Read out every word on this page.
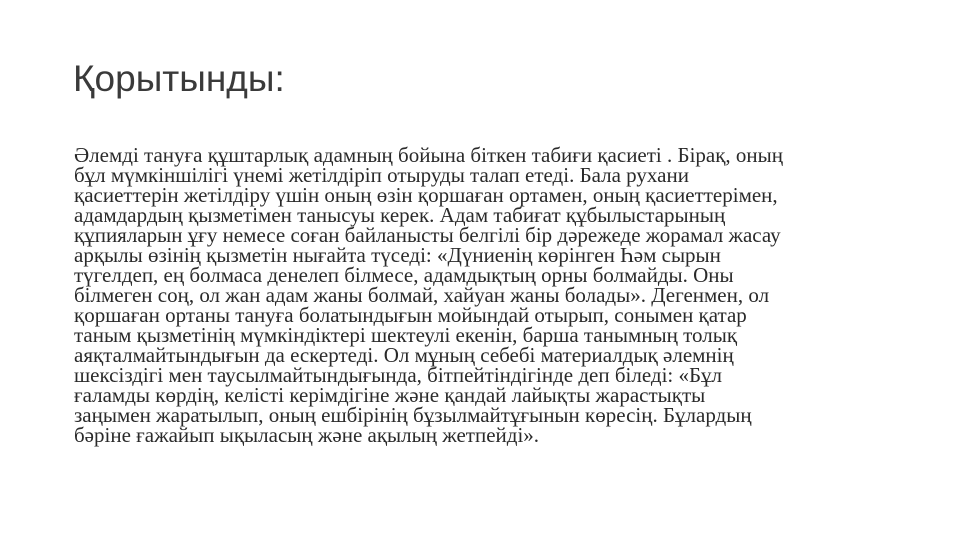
Қорытынды:
Әлемді тануға құштарлық адамның бойына біткен табиғи қасиеті . Бірақ, оның
бұл мүмкіншілігі үнемі жетілдіріп отыруды талап етеді. Бала рухани
қасиеттерін жетілдіру үшін оның өзін қоршаған ортамен, оның қасиеттерімен,
адамдардың қызметімен танысуы керек. Адам табиғат құбылыстарының
құпияларын ұғу немесе соған байланысты белгілі бір дәрежеде жорамал жасау
арқылы өзінің қызметін нығайта түседі: «Дүниенің көрінген Һәм сырын
түгелдеп, ең болмаса денелеп білмесе, адамдықтың орны болмайды. Оны
білмеген соң, ол жан адам жаны болмай, хайуан жаны болады». Дегенмен, ол
қоршаған ортаны тануға болатындығын мойындай отырып, сонымен қатар
таным қызметінің мүмкіндіктері шектеулі екенін, барша танымның толық
аяқталмайтындығын да ескертеді. Ол мұның себебі материалдық әлемнің
шексіздігі мен таусылмайтындығында, бітпейтіндігінде деп біледі: «Бұл
ғаламды көрдің, келісті керімдігіне және қандай лайықты жарастықты
заңымен жаратылып, оның ешбірінің бұзылмайтұғынын көресің. Бұлардың
бәріне ғажайып ықыласың және ақылың жетпейді».
